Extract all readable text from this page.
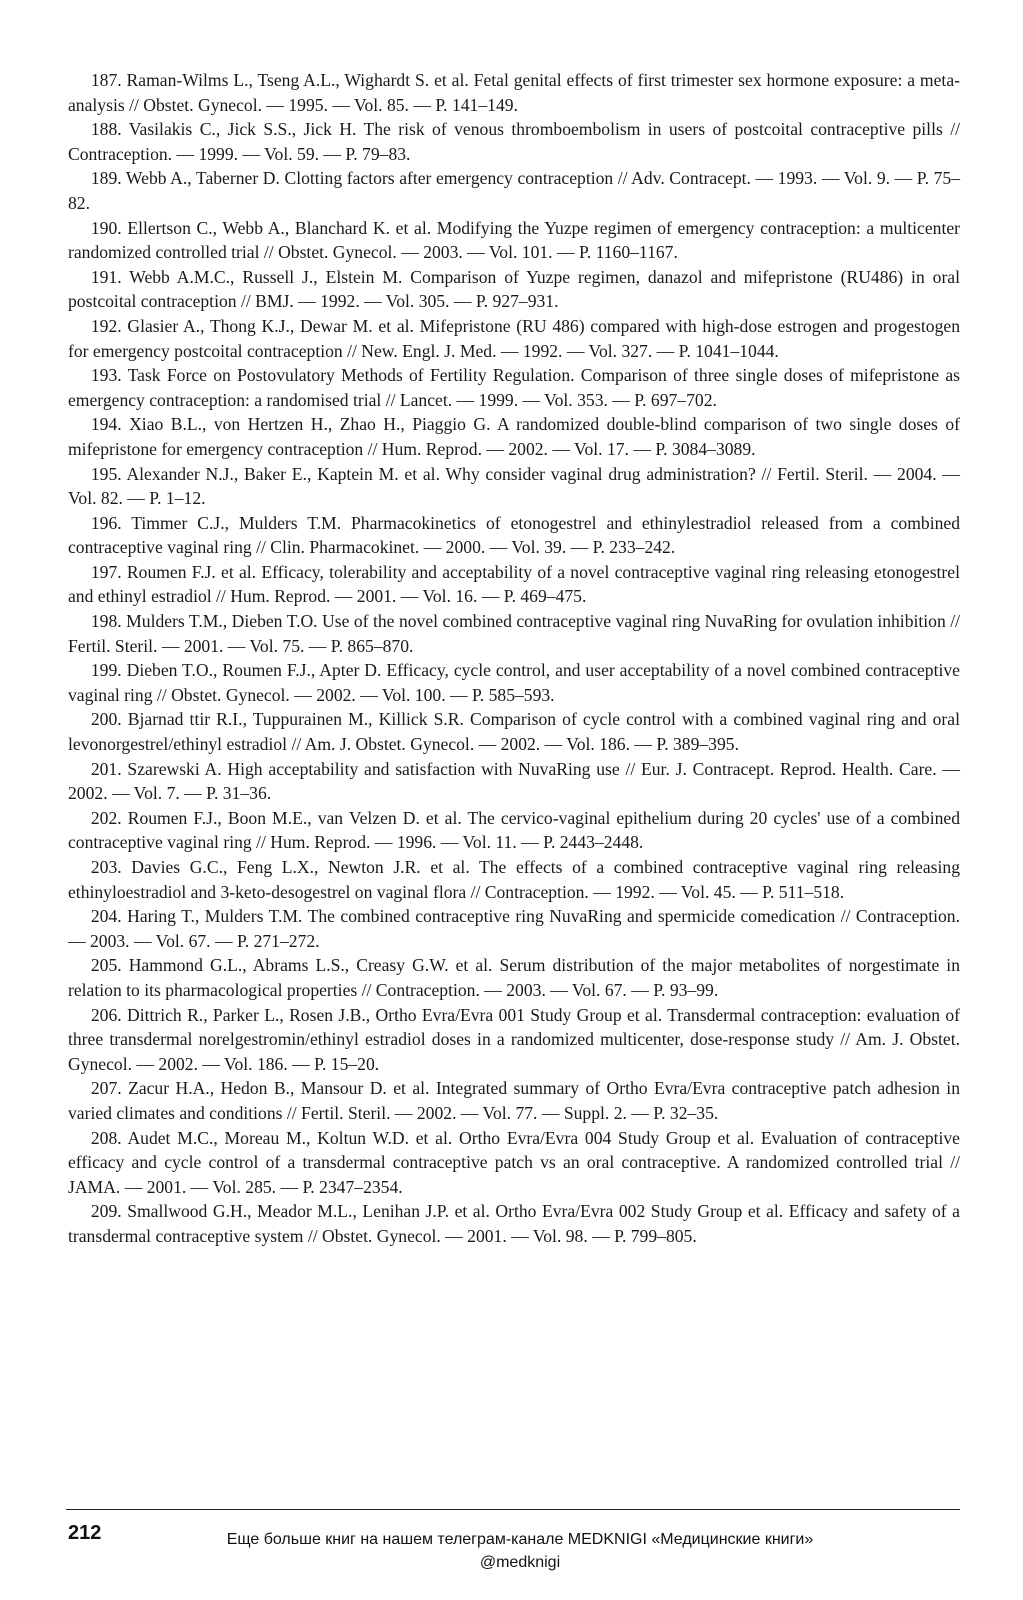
187. Raman-Wilms L., Tseng A.L., Wighardt S. et al. Fetal genital effects of first trimester sex hormone exposure: a meta-analysis // Obstet. Gynecol. — 1995. — Vol. 85. — P. 141–149.

188. Vasilakis C., Jick S.S., Jick H. The risk of venous thromboembolism in users of postcoital contraceptive pills // Contraception. — 1999. — Vol. 59. — P. 79–83.

189. Webb A., Taberner D. Clotting factors after emergency contraception // Adv. Contracept. — 1993. — Vol. 9. — P. 75–82.

190. Ellertson C., Webb A., Blanchard K. et al. Modifying the Yuzpe regimen of emergency contraception: a multicenter randomized controlled trial // Obstet. Gynecol. — 2003. — Vol. 101. — P. 1160–1167.

191. Webb A.M.C., Russell J., Elstein M. Comparison of Yuzpe regimen, danazol and mifepristone (RU486) in oral postcoital contraception // BMJ. — 1992. — Vol. 305. — P. 927–931.

192. Glasier A., Thong K.J., Dewar M. et al. Mifepristone (RU 486) compared with high-dose estrogen and progestogen for emergency postcoital contraception // New. Engl. J. Med. — 1992. — Vol. 327. — P. 1041–1044.

193. Task Force on Postovulatory Methods of Fertility Regulation. Comparison of three single doses of mifepristone as emergency contraception: a randomised trial // Lancet. — 1999. — Vol. 353. — P. 697–702.

194. Xiao B.L., von Hertzen H., Zhao H., Piaggio G. A randomized double-blind comparison of two single doses of mifepristone for emergency contraception // Hum. Reprod. — 2002. — Vol. 17. — P. 3084–3089.

195. Alexander N.J., Baker E., Kaptein M. et al. Why consider vaginal drug administration? // Fertil. Steril. — 2004. — Vol. 82. — P. 1–12.

196. Timmer C.J., Mulders T.M. Pharmacokinetics of etonogestrel and ethinylestradiol released from a combined contraceptive vaginal ring // Clin. Pharmacokinet. — 2000. — Vol. 39. — P. 233–242.

197. Roumen F.J. et al. Efficacy, tolerability and acceptability of a novel contraceptive vaginal ring releasing etonogestrel and ethinyl estradiol // Hum. Reprod. — 2001. — Vol. 16. — P. 469–475.

198. Mulders T.M., Dieben T.O. Use of the novel combined contraceptive vaginal ring NuvaRing for ovulation inhibition // Fertil. Steril. — 2001. — Vol. 75. — P. 865–870.

199. Dieben T.O., Roumen F.J., Apter D. Efficacy, cycle control, and user acceptability of a novel combined contraceptive vaginal ring // Obstet. Gynecol. — 2002. — Vol. 100. — P. 585–593.

200. Bjarnad ttir R.I., Tuppurainen M., Killick S.R. Comparison of cycle control with a combined vaginal ring and oral levonorgestrel/ethinyl estradiol // Am. J. Obstet. Gynecol. — 2002. — Vol. 186. — P. 389–395.

201. Szarewski A. High acceptability and satisfaction with NuvaRing use // Eur. J. Contracept. Reprod. Health. Care. — 2002. — Vol. 7. — P. 31–36.

202. Roumen F.J., Boon M.E., van Velzen D. et al. The cervico-vaginal epithelium during 20 cycles' use of a combined contraceptive vaginal ring // Hum. Reprod. — 1996. — Vol. 11. — P. 2443–2448.

203. Davies G.C., Feng L.X., Newton J.R. et al. The effects of a combined contraceptive vaginal ring releasing ethinyloestradiol and 3-keto-desogestrel on vaginal flora // Contraception. — 1992. — Vol. 45. — P. 511–518.

204. Haring T., Mulders T.M. The combined contraceptive ring NuvaRing and spermicide comedication // Contraception. — 2003. — Vol. 67. — P. 271–272.

205. Hammond G.L., Abrams L.S., Creasy G.W. et al. Serum distribution of the major metabolites of norgestimate in relation to its pharmacological properties // Contraception. — 2003. — Vol. 67. — P. 93–99.

206. Dittrich R., Parker L., Rosen J.B., Ortho Evra/Evra 001 Study Group et al. Transdermal contraception: evaluation of three transdermal norelgestromin/ethinyl estradiol doses in a randomized multicenter, dose-response study // Am. J. Obstet. Gynecol. — 2002. — Vol. 186. — P. 15–20.

207. Zacur H.A., Hedon B., Mansour D. et al. Integrated summary of Ortho Evra/Evra contraceptive patch adhesion in varied climates and conditions // Fertil. Steril. — 2002. — Vol. 77. — Suppl. 2. — P. 32–35.

208. Audet M.C., Moreau M., Koltun W.D. et al. Ortho Evra/Evra 004 Study Group et al. Evaluation of contraceptive efficacy and cycle control of a transdermal contraceptive patch vs an oral contraceptive. A randomized controlled trial // JAMA. — 2001. — Vol. 285. — P. 2347–2354.

209. Smallwood G.H., Meador M.L., Lenihan J.P. et al. Ortho Evra/Evra 002 Study Group et al. Efficacy and safety of a transdermal contraceptive system // Obstet. Gynecol. — 2001. — Vol. 98. — P. 799–805.

212	Еще больше книг на нашем телеграм-канале MEDKNIGI «Медицинские книги»
@medknigi
